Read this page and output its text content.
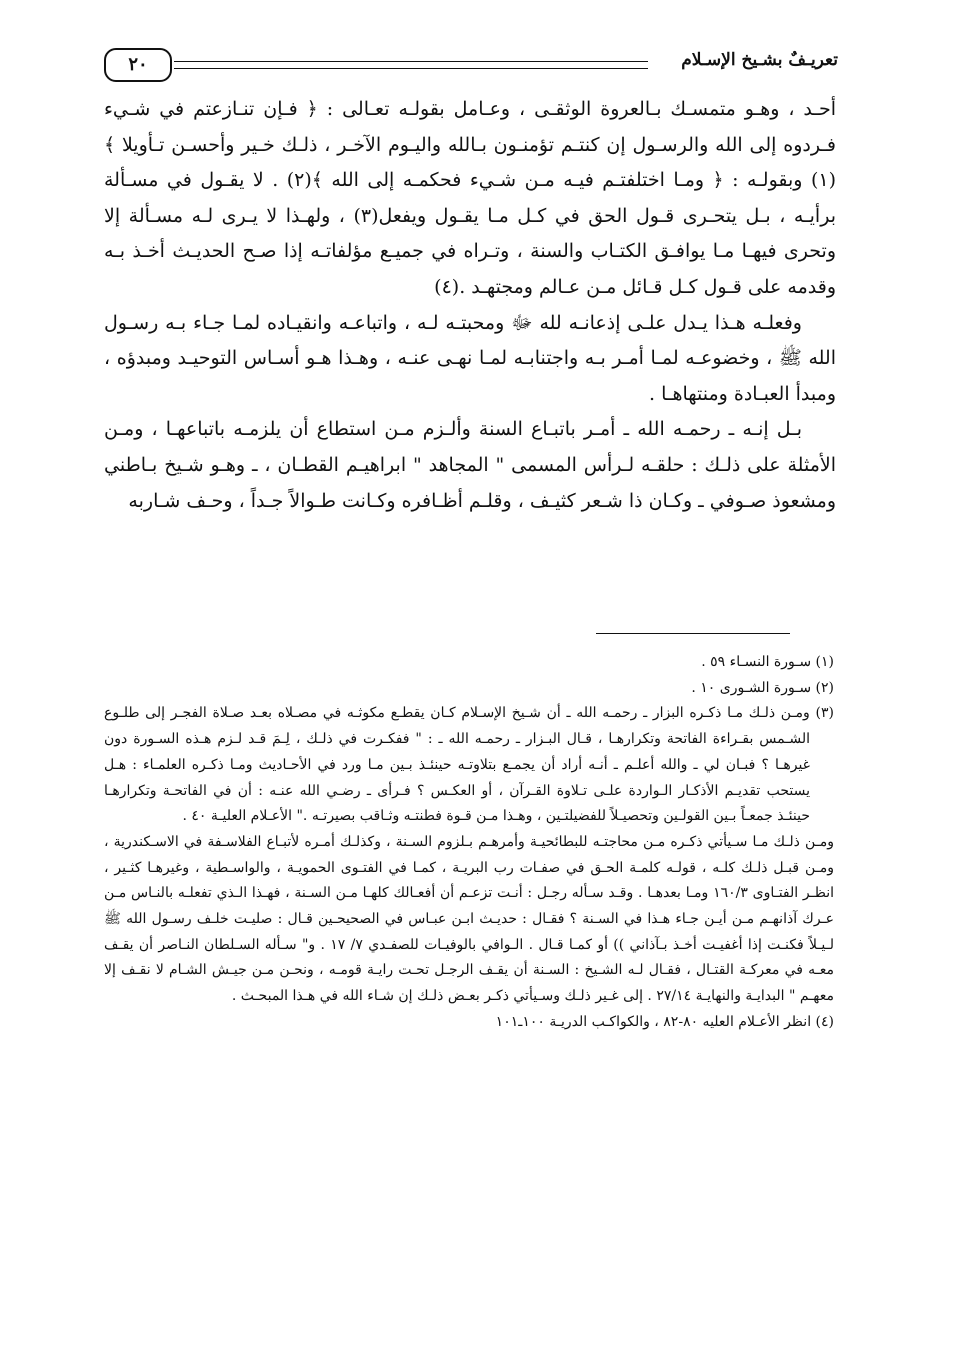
٢٠	تعريـفٌ بشـيخ الإسـلام

أحـد ، وهـو متمسـك بـالعروة الوثقـى ، وعـامل بقولـه تعـالى : ﴿ فـإن تنـازعتم في شـيء فـردوه إلى الله والرسـول إن كنتـم تؤمنـون بـالله واليـوم الآخـر ، ذلـك خـير وأحسـن تـأويلا ﴾(١) وبقولـه : ﴿ ومـا اختلفتـم فيـه مـن شـيء فحكمـه إلى الله ﴾(٢) . لا يقـول في مسـألة برأيـه ، بـل يتحـرى قـول الحق في كـل مـا يقـول ويفعل(٣) ، ولهـذا لا يـرى لـه مسـألة إلا وتحرى فيهـا مـا يوافـق الكتـاب والسنة ، وتـراه في جميـع مؤلفاتـه إذا صـح الحديـث أخـذ بـه وقدمه على قـول كـل قـائل مـن عـالم ومجتهـد .(٤)

وفعلـه هـذا يـدل علـى إذعانـه لله ﷻ ومحبتـه لـه ، واتباعـه وانقيـاده لمـا جـاء بـه رسـول الله ﷺ ، وخضوعـه لمـا أمـر بـه واجتنابـه لمـا نهـى عنـه ، وهـذا هـو أسـاس التوحيـد ومبدؤه ، ومبدأ العبـادة ومنتهاهـا .

بـل إنـه ـ رحمـه الله ـ أمـر باتبـاع السنة وألـزم مـن استطاع أن يلزمـه باتباعهـا ، ومـن الأمثلة على ذلـك : حلقـه لـرأس المسمى " المجاهد " ابراهيـم القطـان ، ـ وهـو شـيخ بـاطني ومشعوذ صـوفي ـ وكـان ذا شـعر كثيـف ، وقلـم أظـافره وكـانت طـوالاً جـداً ، وحـف شـاربه

(١) سـورة النسـاء ٥٩ .

(٢) سـورة الشـورى ١٠ .

(٣) ومـن ذلـك مـا ذكـره البزار ـ رحمـه الله ـ أن شـيخ الإسـلام كـان يقطـع مكوثـه في مصـلاه بعـد صـلاة الفجـر إلى طلـوع الشـمس بقـراءة الفاتحة وتكرارهـا ، قـال البـزار ـ رحمـه الله ـ : " ففكـرت في ذلـك ، لِـمَ قـد لـزم هـذه السـورة دون غيرهـا ؟ فبـان لي ـ والله أعلـم ـ أنـه أراد أن يجمـع بتلاوتـه حينئـذ بـين مـا ورد في الأحـاديث ومـا ذكـره العلمـاء : هـل يستحب تقديـم الأذكـار الـواردة علـى تـلاوة القـرآن ، أو العكـس ؟ فـرأى ـ رضـي الله عنـه : أن في الفاتحـة وتكرارهـا حينئـذ جمعـاً بـين القولـين وتحصيـلاً للفضيلتـين ، وهـذا مـن قـوة فطنتـه وثـاقب بصيرتـه ." الأعـلام العليـة ٤٠ .

ومـن ذلـك مـا سـيأتي ذكـره مـن محاجتـه للبطائحيـة وأمرهـم بـلزوم السـنة ، وكذلـك أمـره لأتبـاع الفلاسـفة في الاسـكندرية ، ومـن قبـل ذلـك كلـه ، قولـه كلمـة الحـق في صفـات رب البريـة ، كمـا في الفتـوى الحمويـة ، والواسـطية ، وغيرهـا كثـير ، انظـر الفتـاوى ١٦٠/٣ ومـا بعدهـا . وقـد سـأله رجـل : أنـت تزعـم أن أفعـالك كلهـا مـن السـنة ، فهـذا الـذي تفعلـه بالنـاس مـن عـرك آذانهـم مـن أيـن جـاء هـذا في السـنة ؟ فقـال : حديـث ابـن عبـاس في الصحيحـين قـال : صليـت خلـف رسـول الله ﷺ لـيـلاً فكنـت إذا أغفيـت أخـذ بـآذاني )) أو كمـا قـال . الـوافي بالوفيـات للصفـدي ٧/ ١٧ . و" سـأله السـلطان النـاصر أن يقـف معـه في معركـة القتـال ، فقـال لـه الشـيخ : السـنة أن يقـف الرجـل تحـت رايـة قومـه ، ونحـن مـن جيـش الشـام لا نقـف إلا معهـم " البدايـة والنهايـة ٢٧/١٤ . إلى غـير ذلـك وسـيأتي ذكـر بعـض ذلـك إن شـاء الله في هـذا المبحـث .

(٤) انظر الأعـلام العليه ٨٠-٨٢ ، والكواكـب الدريـة ١٠٠ـ١٠١
